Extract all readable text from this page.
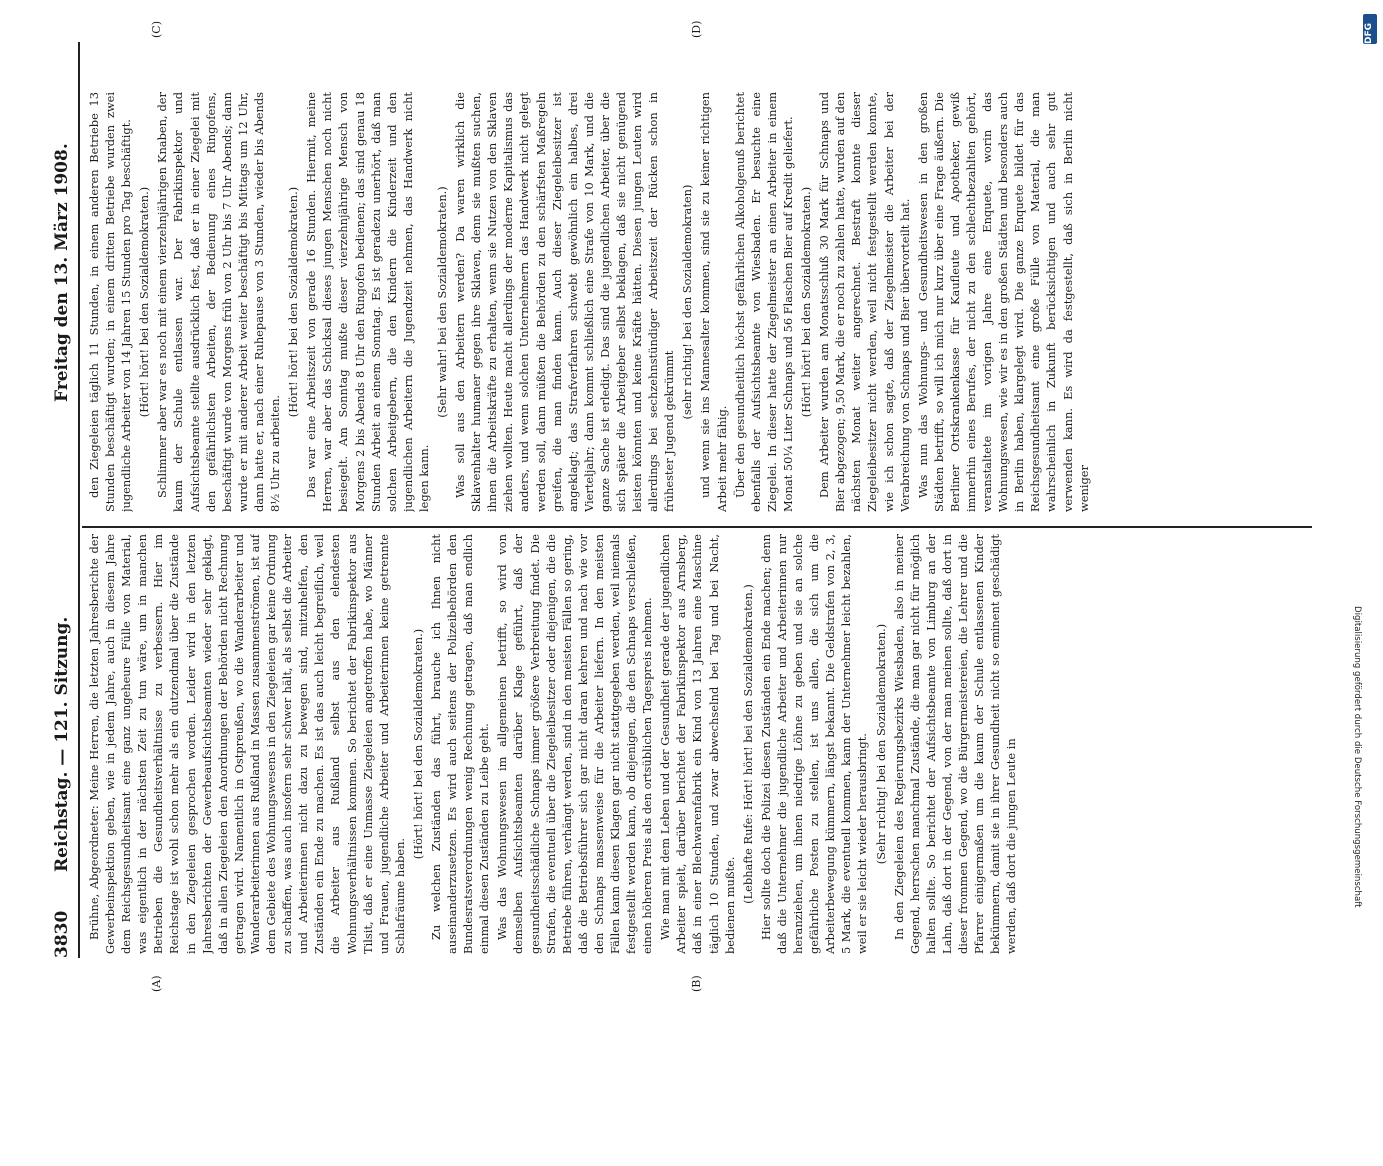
3830
Reichstag. — 121. Sitzung.
Freitag den 13. März 1908.
(A)	(B)
(C)	(D)

Brühne, Abgeordneter: Meine Herren, die letzten Jahresberichte der Gewerbeinspektion geben, wie in jedem Jahre, auch in diesem Jahre dem Reichsgesundheitsamt eine ganz ungeheure Fülle von Material, was eigentlich in der nächsten Zeit zu tun wäre, um in manchen Betrieben die Gesundheitsverhältnisse zu verbessern. Hier im Reichstage ist wohl schon mehr als ein dutzendmal über die Zustände in den Ziegeleien gesprochen worden. Leider wird in den letzten Jahresberichten der Gewerbeaufsichtsbeamten wieder sehr geklagt, daß in allen Ziegeleien den Anordnungen der Behörden nicht Rechnung getragen wird. Namentlich in Ostpreußen, wo die Wanderarbeiter und Wanderarbeiterinnen aus Rußland in Massen zusammenströmen, ist auf dem Gebiete des Wohnungswesens in den Ziegeleien gar keine Ordnung zu schaffen, was auch insofern sehr schwer hält, als selbst die Arbeiter und Arbeiterinnen nicht dazu zu bewegen sind, mitzuhelfen, den Zuständen ein Ende zu machen. Es ist das auch leicht begreiflich, weil die Arbeiter aus Rußland selbst aus den elendesten Wohnungsverhältnissen kommen. So berichtet der Fabrikinspektor aus Tilsit, daß er eine Unmasse Ziegeleien angetroffen habe, wo Männer und Frauen, jugendliche Arbeiter und Arbeiterinnen keine getrennte Schlafräume haben.

(Hört! hört! bei den Sozialdemokraten.) Zu welchen Zuständen das führt, brauche ich Ihnen nicht auseinanderzusetzen. Es wird auch seitens der Polizeibehörden den Bundesratsverordnungen wenig Rechnung getragen, daß man endlich einmal diesen Zuständen zu Leibe geht. Was das Wohnungswesen im allgemeinen betrifft, so wird von demselben Aufsichtsbeamten darüber Klage geführt, daß der gesundheitsschädliche Schnaps immer größere Verbreitung findet. Die Strafen, die eventuell über die Ziegeleibesitzer oder diejenigen, die die Betriebe führen, verhängt werden, sind in den meisten Fällen so gering, daß die Betriebsführer sich gar nicht daran kehren und nach wie vor den Schnaps massenweise für die Arbeiter liefern. In den meisten Fällen kann diesen Klagen gar nicht stattgegeben werden, weil niemals festgestellt werden kann, ob diejenigen, die den Schnaps verschleißen, einen höheren Preis als den ortsüblichen Tagespreis nehmen. Wie man mit dem Leben und der Gesundheit gerade der jugendlichen Arbeiter spielt, darüber berichtet der Fabrikinspektor aus Arnsberg, daß in einer Blechwarenfabrik ein Kind von 13 Jahren eine Maschine täglich 10 Stunden, und zwar abwechselnd bei Tag und bei Nacht, bedienen mußte.

(Lebhafte Rufe: Hört! hört! bei den Sozialdemokraten.) Hier sollte doch die Polizei diesen Zuständen ein Ende machen; denn daß die Unternehmer die jugendliche Arbeiter und Arbeiterinnen nur heranziehen, um ihnen niedrige Löhne zu geben und sie an solche gefährliche Posten zu stellen, ist uns allen, die sich um die Arbeiterbewegung kümmern, längst bekannt. Die Geldstrafen von 2, 3, 5 Mark, die eventuell kommen, kann der Unternehmer leicht bezahlen, weil er sie leicht wieder herausbringt. (Sehr richtig! bei den Sozialdemokraten.) In den Ziegeleien des Regierungsbezirks Wiesbaden, also in meiner Gegend, herrschen manchmal Zustände, die man gar nicht für möglich halten sollte. So berichtet der Aufsichtsbeamte von Limburg an der Lahn, daß dort in der Gegend, von der man meinen sollte, daß dort in dieser frommen Gegend, wo die Bürgermeistereien, die Lehrer und die Pfarrer einigermaßen um die kaum der Schule entlassenen Kinder bekümmern, damit sie in ihrer Gesundheit nicht so eminent geschädigt werden, daß dort die jungen Leute in

den Ziegeleien täglich 11 Stunden, in einem anderen Betriebe 13 Stunden beschäftigt wurden; in einem dritten Betriebe wurden zwei jugendliche Arbeiter von 14 Jahren 15 Stunden pro Tag beschäftigt. (Hört! hört! bei den Sozialdemokraten.) Schlimmer aber war es noch mit einem vierzehnjährigen Knaben, der kaum der Schule entlassen war. Der Fabrikinspektor und Aufsichtsbeamte stellte ausdrücklich fest, daß er in einer Ziegelei mit den gefährlichsten Arbeiten, der Bedienung eines Ringofens, beschäftigt wurde von Morgens früh von 2 Uhr bis 7 Uhr Abends; dann wurde er mit anderer Arbeit weiter beschäftigt bis Mittags um 12 Uhr, dann hatte er, nach einer Ruhepause von 3 Stunden, wieder bis Abends 8½ Uhr zu arbeiten.

(Hört! hört! bei den Sozialdemokraten.) Das war eine Arbeitszeit von gerade 16 Stunden. Hiermit, meine Herren, war aber das Schicksal dieses jungen Menschen noch nicht besiegelt. Am Sonntag mußte dieser vierzehnjährige Mensch von Morgens 2 bis Abends 8 Uhr den Ringofen bedienen; das sind genau 18 Stunden Arbeit an einem Sonntag. Es ist geradezu unerhört, daß man solchen Arbeitgebern, die den Kindern die Kinderzeit und den jugendlichen Arbeitern die Jugendzeit nehmen, das Handwerk nicht legen kann.

(Sehr wahr! bei den Sozialdemokraten.) Was soll aus den Arbeitern werden? Da waren wirklich die Sklavenhalter humaner gegen ihre Sklaven, denn sie mußten suchen, ihnen die Arbeitskräfte zu erhalten, wenn sie Nutzen von den Sklaven ziehen wollten. Heute macht allerdings der moderne Kapitalismus das anders, und wenn solchen Unternehmern das Handwerk nicht gelegt werden soll, dann müßten die Behörden zu den schärfsten Maßregeln greifen, die man finden kann. Auch dieser Ziegeleibesitzer ist angeklagt; das Strafverfahren schwebt gewöhnlich ein halbes, drei Vierteljahr; dann kommt schließlich eine Strafe von 10 Mark, und die ganze Sache ist erledigt. Das sind die jugendlichen Arbeiter, über die sich später die Arbeitgeber selbst beklagen, daß sie nicht genügend leisten könnten und keine Kräfte hätten. Diesen jungen Leuten wird allerdings bei sechzehnstündiger Arbeitszeit der Rücken schon in frühester Jugend gekrümmt

(sehr richtig! bei den Sozialdemokraten) und wenn sie ins Mannesalter kommen, sind sie zu keiner richtigen Arbeit mehr fähig. Über den gesundheitlich höchst gefährlichen Alkoholgenuß berichtet ebenfalls der Aufsichtsbeamte von Wiesbaden. Er besuchte eine Ziegelei. In dieser hatte der Ziegelmeister an einen Arbeiter in einem Monat 50¼ Liter Schnaps und 56 Flaschen Bier auf Kredit geliefert. (Hört! hört! bei den Sozialdemokraten.) Dem Arbeiter wurden am Monatsschluß 30 Mark für Schnaps und Bier abgezogen; 9,50 Mark, die er noch zu zahlen hatte, wurden auf den nächsten Monat weiter angerechnet. Bestraft konnte dieser Ziegeleibesitzer nicht werden, weil nicht festgestellt werden konnte, wie ich schon sagte, daß der Ziegelmeister die Arbeiter bei der Verabreichung von Schnaps und Bier übervorteilt hat. Was nun das Wohnungs- und Gesundheitswesen in den großen Städten betrifft, so will ich mich nur kurz über eine Frage äußern. Die Berliner Ortskrankenkasse für Kaufleute und Apotheker, gewiß immerhin eines Berufes, der nicht zu den schlechtbezahlten gehört, veranstaltete im vorigen Jahre eine Enquete, worin das Wohnungswesen, wie wir es in den großen Städten und besonders auch in Berlin haben, klargelegt wird. Die ganze Enquete bildet für das Reichsgesundheitsamt eine große Fülle von Material, die man wahrscheinlich in Zukunft berücksichtigen und auch sehr gut verwenden kann. Es wird da festgestellt, daß sich in Berlin nicht weniger

DFG
Digitalisierung gefördert durch die Deutsche Forschungsgemeinschaft
